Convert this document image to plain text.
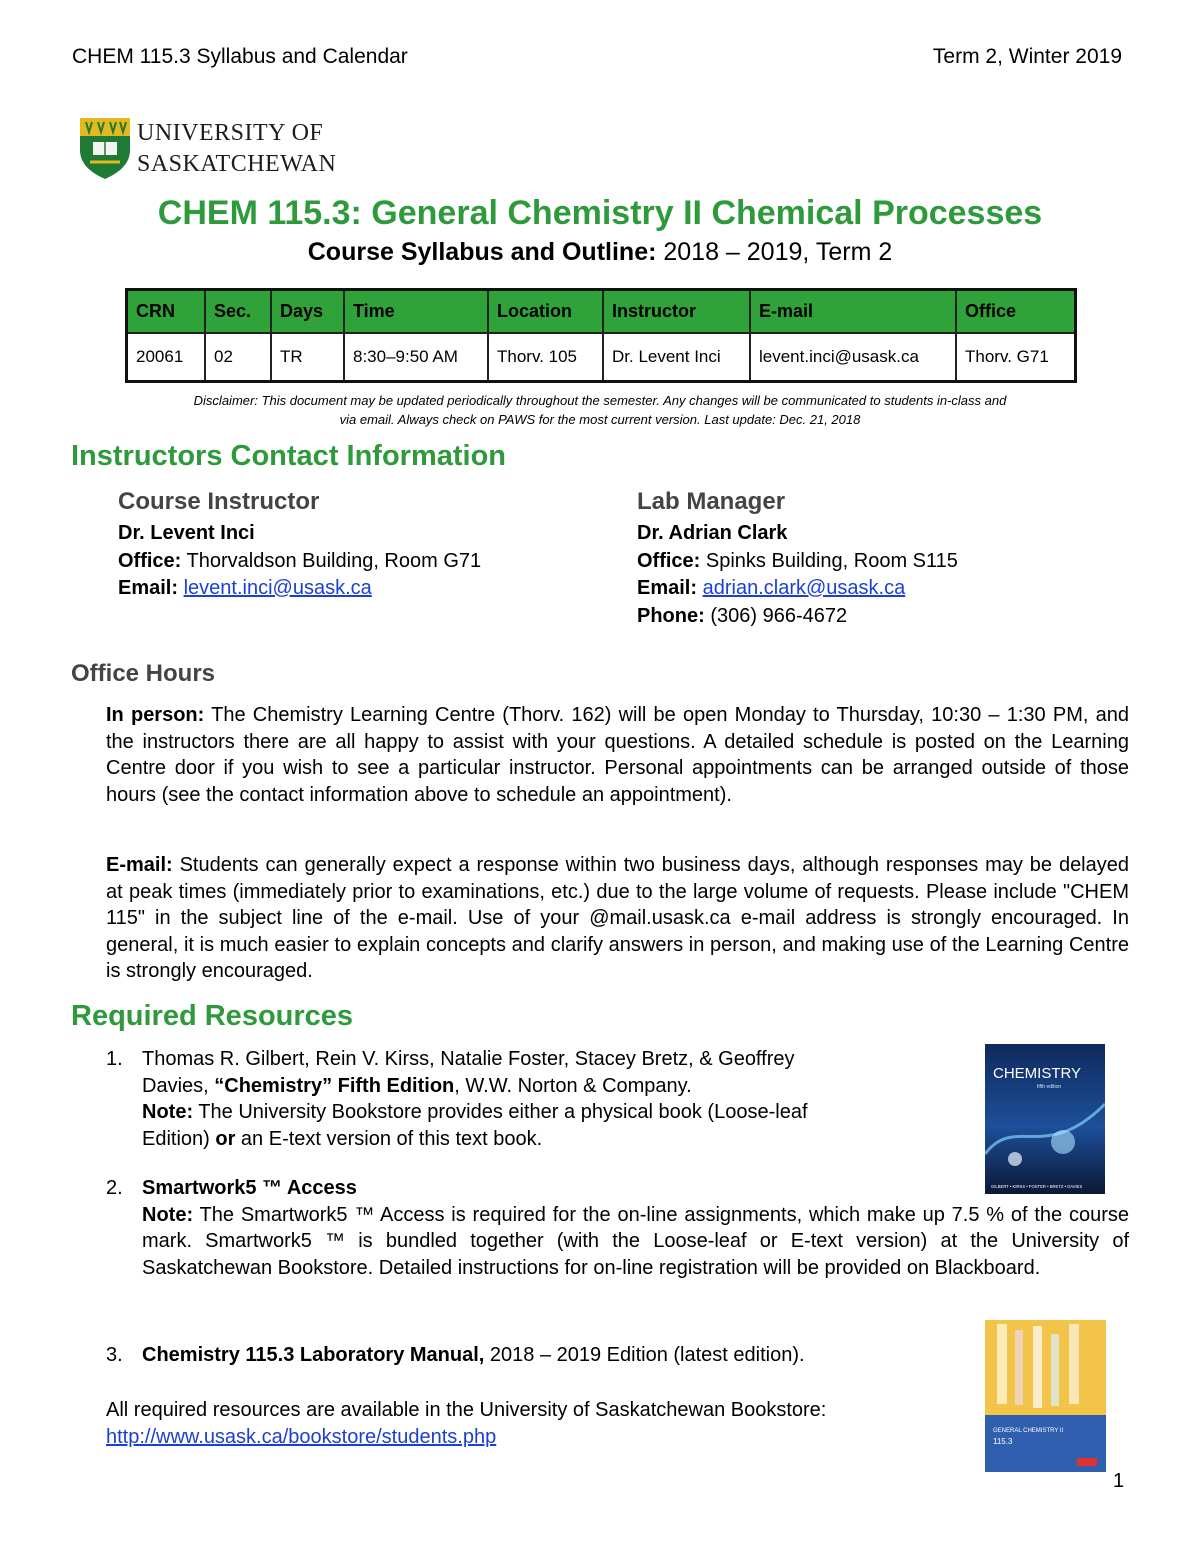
CHEM 115.3 Syllabus and Calendar	Term 2, Winter 2019
UNIVERSITY OF
SASKATCHEWAN
CHEM 115.3: General Chemistry II Chemical Processes
Course Syllabus and Outline: 2018 – 2019, Term 2
CRN	Sec.	Days	Time	Location	Instructor	E-mail	Office
20061	02	TR	8:30–9:50 AM	Thorv. 105	Dr. Levent Inci	levent.inci@usask.ca	Thorv. G71
Disclaimer: This document may be updated periodically throughout the semester. Any changes will be communicated to students in-class and
via email. Always check on PAWS for the most current version. Last update: Dec. 21, 2018
Instructors Contact Information
Course Instructor
Dr. Levent Inci
Office: Thorvaldson Building, Room G71
Email: levent.inci@usask.ca
Lab Manager
Dr. Adrian Clark
Office: Spinks Building, Room S115
Email: adrian.clark@usask.ca
Phone: (306) 966-4672
Office Hours
In person: The Chemistry Learning Centre (Thorv. 162) will be open Monday to Thursday, 10:30 – 1:30 PM, and the instructors there are all happy to assist with your questions. A detailed schedule is posted on the Learning Centre door if you wish to see a particular instructor. Personal appointments can be arranged outside of those hours (see the contact information above to schedule an appointment).
E-mail: Students can generally expect a response within two business days, although responses may be delayed at peak times (immediately prior to examinations, etc.) due to the large volume of requests. Please include "CHEM 115" in the subject line of the e-mail. Use of your @mail.usask.ca e-mail address is strongly encouraged. In general, it is much easier to explain concepts and clarify answers in person, and making use of the Learning Centre is strongly encouraged.
Required Resources
1. Thomas R. Gilbert, Rein V. Kirss, Natalie Foster, Stacey Bretz, & Geoffrey
Davies, “Chemistry” Fifth Edition, W.W. Norton & Company.
Note: The University Bookstore provides either a physical book (Loose-leaf
Edition) or an E-text version of this text book.
2. Smartwork5 ™ Access
Note: The Smartwork5 ™ Access is required for the on-line assignments, which make up 7.5 % of the course mark. Smartwork5 ™ is bundled together (with the Loose-leaf or E-text version) at the University of Saskatchewan Bookstore. Detailed instructions for on-line registration will be provided on Blackboard.
3. Chemistry 115.3 Laboratory Manual, 2018 – 2019 Edition (latest edition).
All required resources are available in the University of Saskatchewan Bookstore:
http://www.usask.ca/bookstore/students.php
CHEMISTRY
fifth edition
GILBERT • KIRSS • FOSTER • BRETZ • DAVIES
GENERAL CHEMISTRY II
115.3
1
